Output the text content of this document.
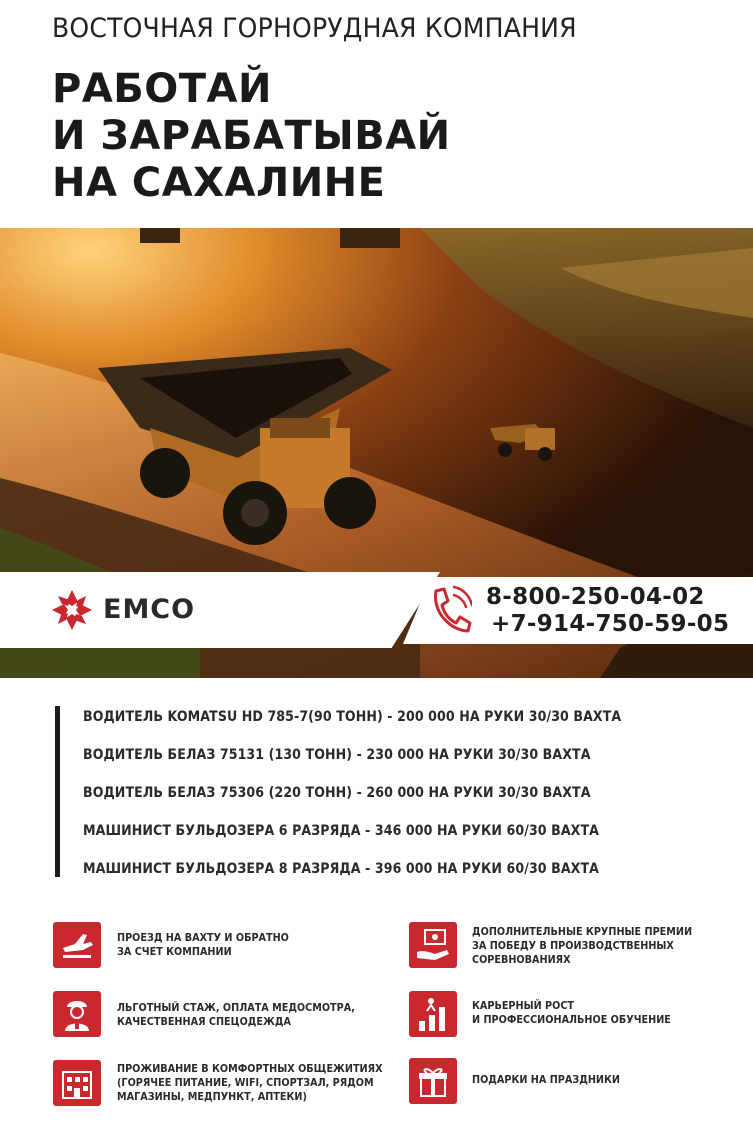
ВОСТОЧНАЯ ГОРНОРУДНАЯ КОМПАНИЯ
РАБОТАЙ
И ЗАРАБАТЫВАЙ
НА САХАЛИНЕ
EMCO	8-800-250-04-02
+7-914-750-59-05
ВОДИТЕЛЬ KOMATSU HD 785-7(90 ТОНН) - 200 000 НА РУКИ 30/30 ВАХТА
ВОДИТЕЛЬ БЕЛАЗ 75131 (130 ТОНН) - 230 000 НА РУКИ 30/30 ВАХТА
ВОДИТЕЛЬ БЕЛАЗ 75306 (220 ТОНН) - 260 000 НА РУКИ 30/30 ВАХТА
МАШИНИСТ БУЛЬДОЗЕРА 6 РАЗРЯДА - 346 000 НА РУКИ 60/30 ВАХТА
МАШИНИСТ БУЛЬДОЗЕРА 8 РАЗРЯДА - 396 000 НА РУКИ 60/30 ВАХТА
ПРОЕЗД НА ВАХТУ И ОБРАТНО
ЗА СЧЕТ КОМПАНИИ
ДОПОЛНИТЕЛЬНЫЕ КРУПНЫЕ ПРЕМИИ
ЗА ПОБЕДУ В ПРОИЗВОДСТВЕННЫХ
СОРЕВНОВАНИЯХ
ЛЬГОТНЫЙ СТАЖ, ОПЛАТА МЕДОСМОТРА,
КАЧЕСТВЕННАЯ СПЕЦОДЕЖДА
КАРЬЕРНЫЙ РОСТ
И ПРОФЕССИОНАЛЬНОЕ ОБУЧЕНИЕ
ПРОЖИВАНИЕ В КОМФОРТНЫХ ОБЩЕЖИТИЯХ
(ГОРЯЧЕЕ ПИТАНИЕ, WIFI, СПОРТЗАЛ, РЯДОМ
МАГАЗИНЫ, МЕДПУНКТ, АПТЕКИ)
ПОДАРКИ НА ПРАЗДНИКИ
